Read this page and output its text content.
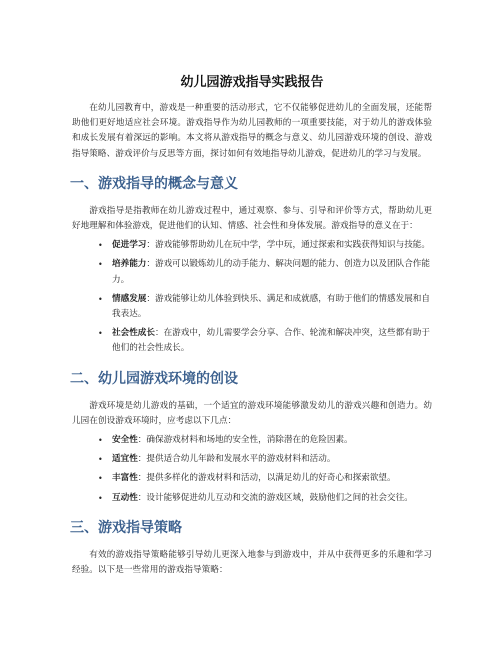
幼儿园游戏指导实践报告

在幼儿园教育中，游戏是一种重要的活动形式，它不仅能够促进幼儿的全面发展，还能帮助他们更好地适应社会环境。游戏指导作为幼儿园教师的一项重要技能，对于幼儿的游戏体验和成长发展有着深远的影响。本文将从游戏指导的概念与意义、幼儿园游戏环境的创设、游戏指导策略、游戏评价与反思等方面，探讨如何有效地指导幼儿游戏，促进幼儿的学习与发展。

一、游戏指导的概念与意义

游戏指导是指教师在幼儿游戏过程中，通过观察、参与、引导和评价等方式，帮助幼儿更好地理解和体验游戏，促进他们的认知、情感、社会性和身体发展。游戏指导的意义在于：

• 促进学习：游戏能够帮助幼儿在玩中学，学中玩，通过探索和实践获得知识与技能。
• 培养能力：游戏可以锻炼幼儿的动手能力、解决问题的能力、创造力以及团队合作能力。
• 情感发展：游戏能够让幼儿体验到快乐、满足和成就感，有助于他们的情感发展和自我表达。
• 社会性成长：在游戏中，幼儿需要学会分享、合作、轮流和解决冲突，这些都有助于他们的社会性成长。
二、幼儿园游戏环境的创设

游戏环境是幼儿游戏的基础，一个适宜的游戏环境能够激发幼儿的游戏兴趣和创造力。幼儿园在创设游戏环境时，应考虑以下几点：

• 安全性：确保游戏材料和场地的安全性，消除潜在的危险因素。
• 适宜性：提供适合幼儿年龄和发展水平的游戏材料和活动。
• 丰富性：提供多样化的游戏材料和活动，以满足幼儿的好奇心和探索欲望。
• 互动性：设计能够促进幼儿互动和交流的游戏区域，鼓励他们之间的社会交往。
三、游戏指导策略

有效的游戏指导策略能够引导幼儿更深入地参与到游戏中，并从中获得更多的乐趣和学习经验。以下是一些常用的游戏指导策略：
